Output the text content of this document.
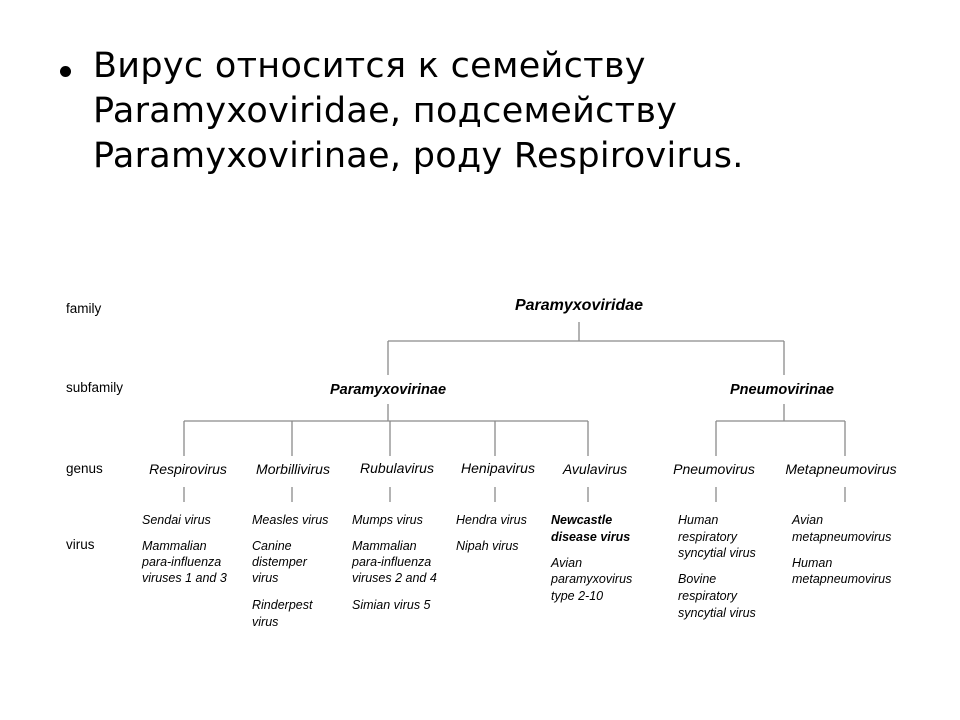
Вирус относится к семейству
Paramyxoviridae, подсемейству
Paramyxovirinae, роду Respirovirus.
family
subfamily
genus
virus
Paramyxoviridae
Paramyxovirinae	Pneumovirinae
Respirovirus Morbillivirus Rubulavirus Henipavirus Avulavirus	Pneumovirus Metapneumovirus
Sendai virus
Mammalian
para-influenza
viruses 1 and 3
Measles virus
Canine
distemper
virus
Rinderpest
virus
Mumps virus
Mammalian
para-influenza
viruses 2 and 4
Simian virus 5
Hendra virus
Nipah virus
Newcastle
disease virus
Avian
paramyxovirus
type 2-10
Human
respiratory
syncytial virus
Bovine
respiratory
syncytial virus
Avian
metapneumovirus
Human
metapneumovirus
